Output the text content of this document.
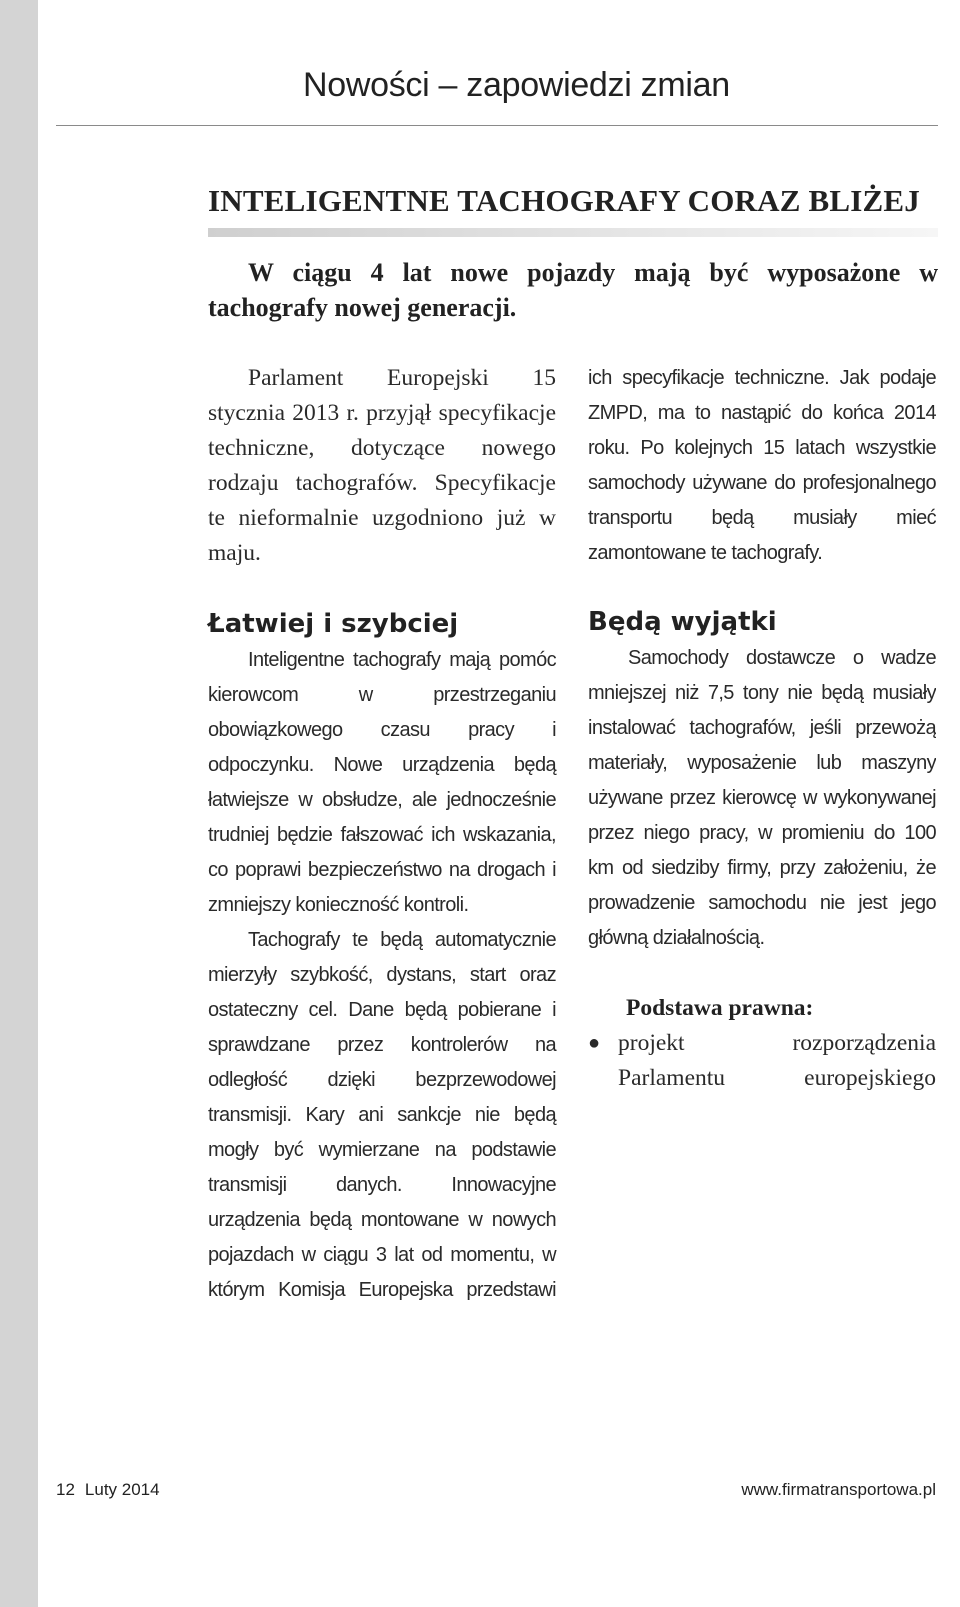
Nowości – zapowiedzi zmian
INTELIGENTNE TACHOGRAFY CORAZ BLIŻEJ

W ciągu 4 lat nowe pojazdy mają być wyposażone w tachografy nowej generacji.

Parlament Europejski 15 stycznia 2013 r. przyjął specyfikacje techniczne, dotyczące nowego rodzaju tachografów. Specyfikacje te nieformalnie uzgodniono już w maju.

Łatwiej i szybciej

Inteligentne tachografy mają pomóc kierowcom w przestrzeganiu obowiązkowego czasu pracy i odpoczynku. Nowe urządzenia będą łatwiejsze w obsłudze, ale jednocześnie trudniej będzie fałszować ich wskazania, co poprawi bezpieczeństwo na drogach i zmniejszy konieczność kontroli.

Tachografy te będą automatycznie mierzyły szybkość, dystans, start oraz ostateczny cel. Dane będą pobierane i sprawdzane przez kontrolerów na odległość dzięki bezprzewodowej transmisji. Kary ani sankcje nie będą mogły być wymierzane na podstawie transmisji danych. Innowacyjne urządzenia będą montowane w nowych pojazdach w ciągu 3 lat od momentu, w którym Komisja Europejska przedstawi

ich specyfikacje techniczne. Jak podaje ZMPD, ma to nastąpić do końca 2014 roku. Po kolejnych 15 latach wszystkie samochody używane do profesjonalnego transportu będą musiały mieć zamontowane te tachografy.

Będą wyjątki

Samochody dostawcze o wadze mniejszej niż 7,5 tony nie będą musiały instalować tachografów, jeśli przewożą materiały, wyposażenie lub maszyny używane przez kierowcę w wykonywanej przez niego pracy, w promieniu do 100 km od siedziby firmy, przy założeniu, że prowadzenie samochodu nie jest jego główną działalnością.

Podstawa prawna:
● projekt rozporządzenia Parlamentu europejskiego
12 Luty 2014	www.firmatransportowa.pl
